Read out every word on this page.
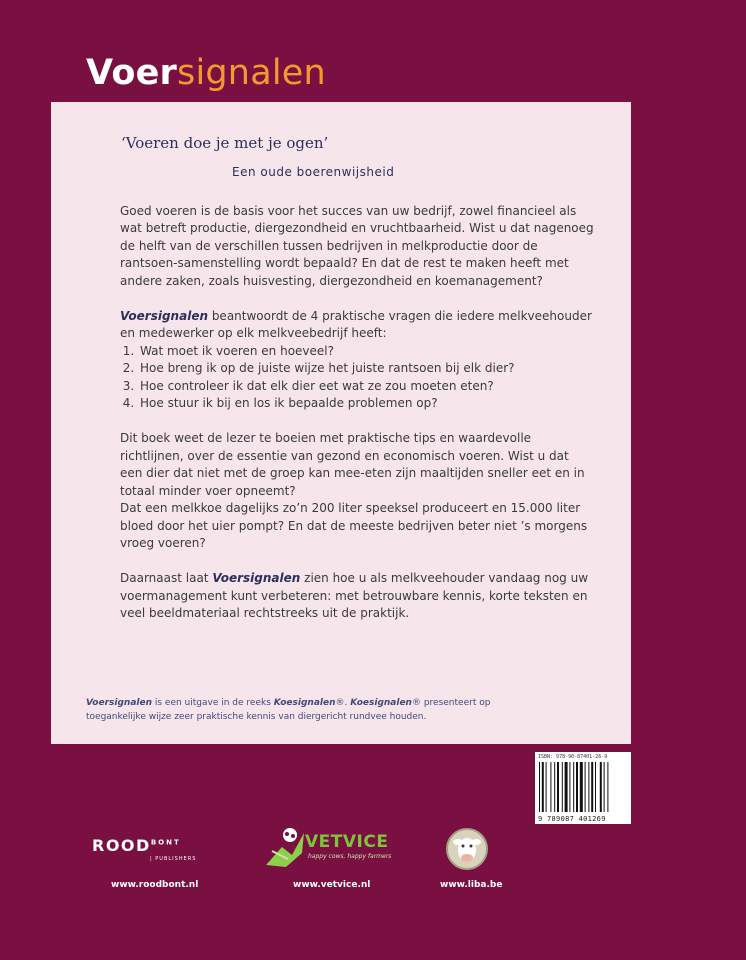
Voersignalen
‘Voeren doe je met je ogen’
Een oude boerenwijsheid

Goed voeren is de basis voor het succes van uw bedrijf, zowel financieel als wat betreft productie, diergezondheid en vruchtbaarheid. Wist u dat nagenoeg de helft van de verschillen tussen bedrijven in melkproductie door de rantsoen-samenstelling wordt bepaald? En dat de rest te maken heeft met andere zaken, zoals huisvesting, diergezondheid en koemanagement?

Voersignalen beantwoordt de 4 praktische vragen die iedere melkveehouder en medewerker op elk melkveebedrijf heeft:

1. Wat moet ik voeren en hoeveel?
2. Hoe breng ik op de juiste wijze het juiste rantsoen bij elk dier?
3. Hoe controleer ik dat elk dier eet wat ze zou moeten eten?
4. Hoe stuur ik bij en los ik bepaalde problemen op?

Dit boek weet de lezer te boeien met praktische tips en waardevolle richtlijnen, over de essentie van gezond en economisch voeren. Wist u dat een dier dat niet met de groep kan mee-eten zijn maaltijden sneller eet en in totaal minder voer opneemt?

Dat een melkkoe dagelijks zo’n 200 liter speeksel produceert en 15.000 liter bloed door het uier pompt? En dat de meeste bedrijven beter niet ’s morgens vroeg voeren?

Daarnaast laat Voersignalen zien hoe u als melkveehouder vandaag nog uw voermanagement kunt verbeteren: met betrouwbare kennis, korte teksten en veel beeldmateriaal rechtstreeks uit de praktijk.

Voersignalen is een uitgave in de reeks Koesignalen®. Koesignalen® presenteert op toegankelijke wijze zeer praktische kennis van diergericht rundvee houden.
ISBN: 978-90-87401-26-9
9 789087 401269
$ROOD^{BONT}$
| PUBLISHERS
VETVICE
happy cows, happy farmers
www.roodbont.nl	www.vetvice.nl	www.liba.be
